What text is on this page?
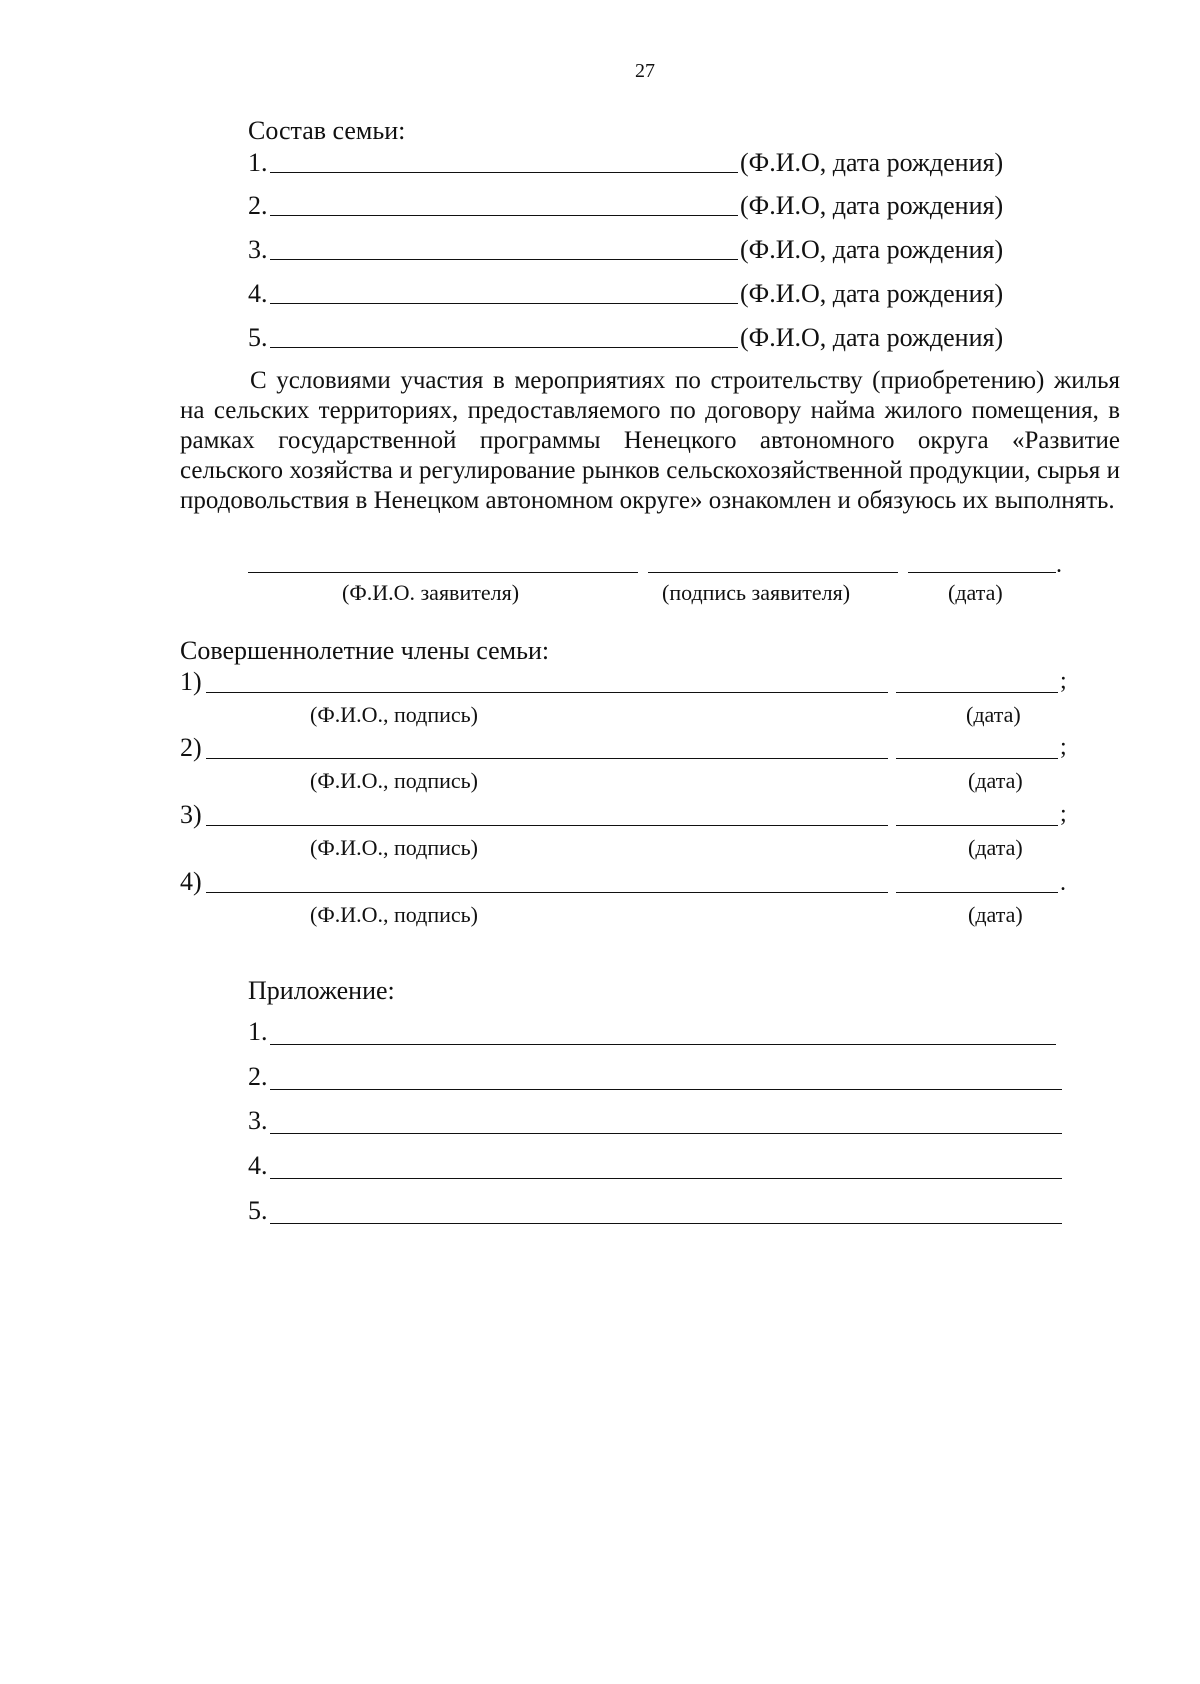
27
Состав семьи:
1.	(Ф.И.О, дата рождения)
2.	(Ф.И.О, дата рождения)
3.	(Ф.И.О, дата рождения)
4.	(Ф.И.О, дата рождения)
5.	(Ф.И.О, дата рождения)
С условиями участия в мероприятиях по строительству (приобретению) жилья на сельских территориях, предоставляемого по договору найма жилого помещения, в рамках государственной программы Ненецкого автономного округа «Развитие сельского хозяйства и регулирование рынков сельскохозяйственной продукции, сырья и продовольствия в Ненецком автономном округе» ознакомлен и обязуюсь их выполнять.
.
(Ф.И.О. заявителя)	(подпись заявителя)	(дата)
Совершеннолетние члены семьи:
1)	;
(Ф.И.О., подпись)	(дата)
2)	;
(Ф.И.О., подпись)	(дата)
3)	;
(Ф.И.О., подпись)	(дата)
4)	.
(Ф.И.О., подпись)	(дата)
Приложение:
1.
2.
3.
4.
5.
